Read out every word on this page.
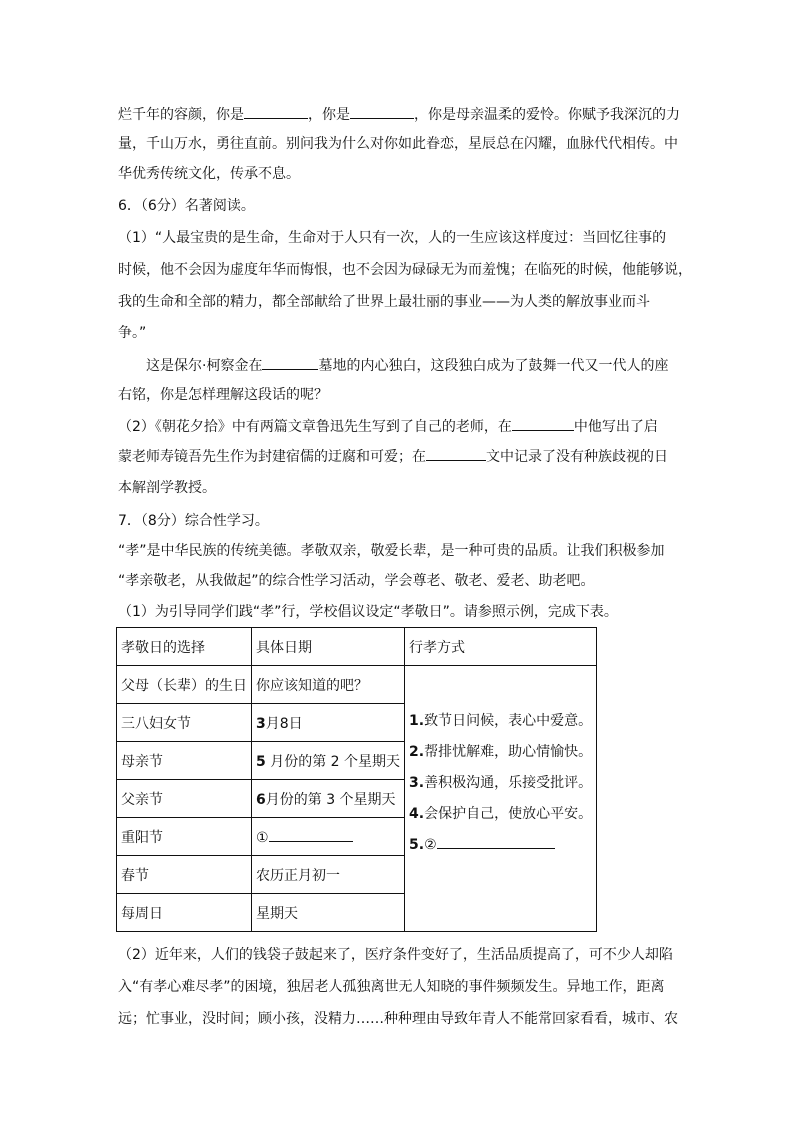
烂千年的容颜，你是	，你是	，你是母亲温柔的爱怜。你赋予我深沉的力
量，千山万水，勇往直前。别问我为什么对你如此眷恋，星辰总在闪耀，血脉代代相传。中
华优秀传统文化，传承不息。
6．（6分）名著阅读。
（1）“人最宝贵的是生命，生命对于人只有一次，人的一生应该这样度过：当回忆往事的
时候，他不会因为虚度年华而悔恨，也不会因为碌碌无为而羞愧；在临死的时候，他能够说，
我的生命和全部的精力，都全部献给了世界上最壮丽的事业——为人类的解放事业而斗
争。”
这是保尔·柯察金在	墓地的内心独白，这段独白成为了鼓舞一代又一代人的座
右铭，你是怎样理解这段话的呢？
（2）《朝花夕拾》中有两篇文章鲁迅先生写到了自己的老师，在	中他写出了启
蒙老师寿镜吾先生作为封建宿儒的迂腐和可爱；在	文中记录了没有种族歧视的日
本解剖学教授。
7．（8分）综合性学习。
“孝”是中华民族的传统美德。孝敬双亲，敬爱长辈，是一种可贵的品质。让我们积极参加
“孝亲敬老，从我做起”的综合性学习活动，学会尊老、敬老、爱老、助老吧。
（1）为引导同学们践“孝”行，学校倡议设定“孝敬日”。请参照示例，完成下表。
孝敬日的选择	具体日期	行孝方式
父母（长辈）的生日	你应该知道的吧？	1.致节日问候，表心中爱意。
2.帮排忧解难，助心情愉快。
3.善积极沟通，乐接受批评。
4.会保护自己，使放心平安。
5.②

三八妇女节	3月8日	
母亲节	5 月份的第 2 个星期天	
父亲节	6月份的第 3 个星期天	
重阳节	①	
春节	农历正月初一	
每周日	星期天	
（2）近年来，人们的钱袋子鼓起来了，医疗条件变好了，生活品质提高了，可不少人却陷
入“有孝心难尽孝”的困境，独居老人孤独离世无人知晓的事件频频发生。异地工作，距离
远；忙事业，没时间；顾小孩，没精力……种种理由导致年青人不能常回家看看，城市、农
